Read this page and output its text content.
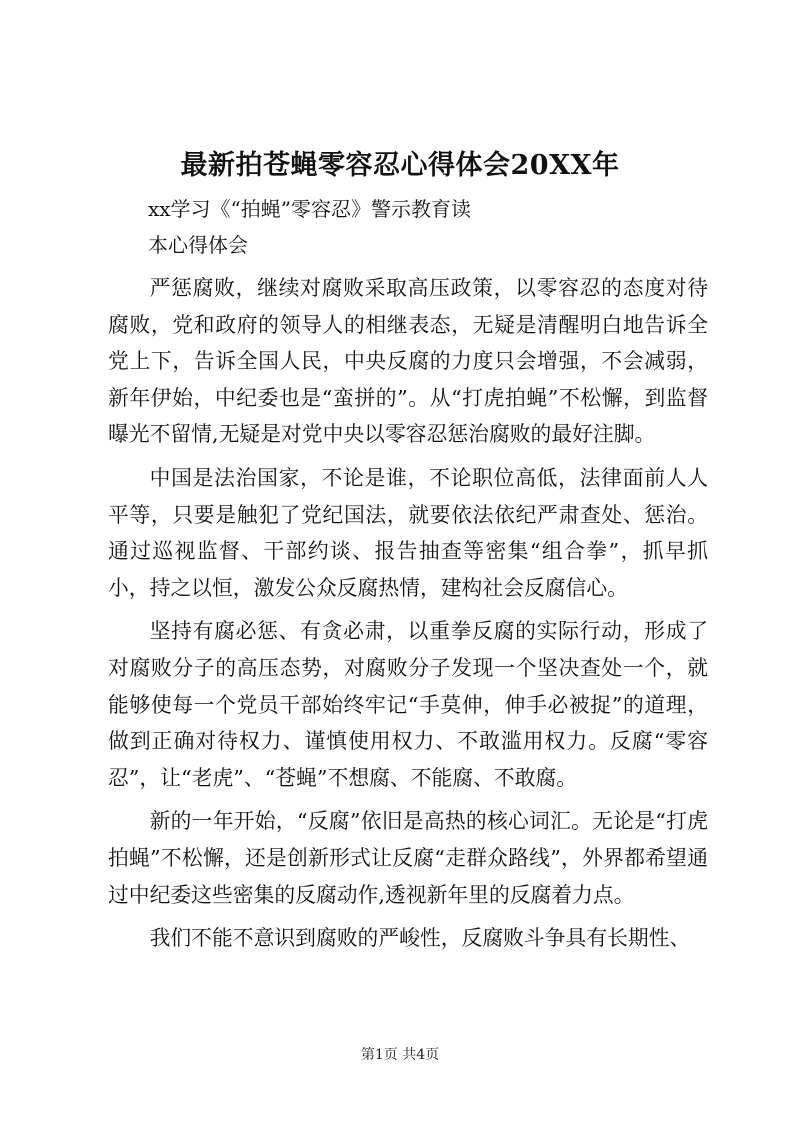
最新拍苍蝇零容忍心得体会20XX年
xx学习《“拍蝇”零容忍》警示教育读
本心得体会

严惩腐败，继续对腐败采取高压政策，以零容忍的态度对待腐败，党和政府的领导人的相继表态，无疑是清醒明白地告诉全党上下，告诉全国人民，中央反腐的力度只会增强，不会减弱，新年伊始，中纪委也是“蛮拼的”。从“打虎拍蝇”不松懈，到监督曝光不留情,无疑是对党中央以零容忍惩治腐败的最好注脚。

中国是法治国家，不论是谁，不论职位高低，法律面前人人平等，只要是触犯了党纪国法，就要依法依纪严肃查处、惩治。通过巡视监督、干部约谈、报告抽查等密集“组合拳”，抓早抓小，持之以恒，激发公众反腐热情，建构社会反腐信心。

坚持有腐必惩、有贪必肃，以重拳反腐的实际行动，形成了对腐败分子的高压态势，对腐败分子发现一个坚决查处一个，就能够使每一个党员干部始终牢记“手莫伸，伸手必被捉”的道理，做到正确对待权力、谨慎使用权力、不敢滥用权力。反腐“零容忍”，让“老虎”、“苍蝇”不想腐、不能腐、不敢腐。

新的一年开始，“反腐”依旧是高热的核心词汇。无论是“打虎拍蝇”不松懈，还是创新形式让反腐“走群众路线”，外界都希望通过中纪委这些密集的反腐动作,透视新年里的反腐着力点。

我们不能不意识到腐败的严峻性，反腐败斗争具有长期性、

第1页 共4页
